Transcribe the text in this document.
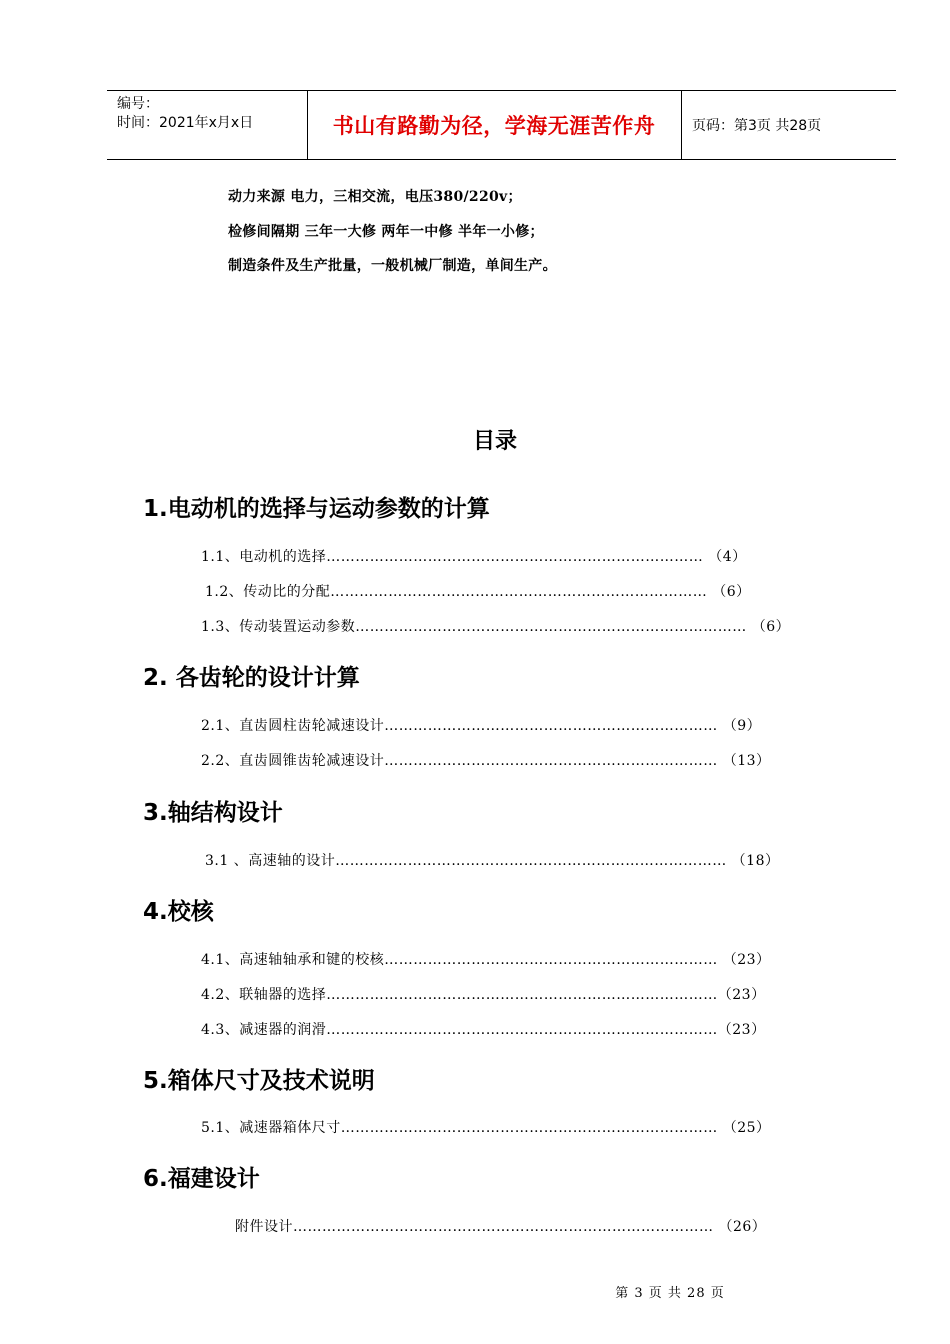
编号：
时间：2021年x月x日	书山有路勤为径，学海无涯苦作舟	页码：第3页 共28页
动力来源 电力，三相交流，电压380/220v；
检修间隔期 三年一大修 两年一中修 半年一小修；
制造条件及生产批量，一般机械厂制造，单间生产。
目录
1.电动机的选择与运动参数的计算
1.1、电动机的选择…………………………………………………………………… （4）
1.2、传动比的分配…………………………………………………………………… （6）
1.3、传动装置运动参数……………………………………………………………………… （6）
2. 各齿轮的设计计算
2.1、直齿圆柱齿轮减速设计…………………………………………………………… （9）
2.2、直齿圆锥齿轮减速设计…………………………………………………………… （13）
3.轴结构设计
3.1 、高速轴的设计……………………………………………………………………… （18）
4.校核
4.1、高速轴轴承和键的校核…………………………………………………………… （23）
4.2、联轴器的选择………………………………………………………………………（23）
4.3、减速器的润滑………………………………………………………………………（23）
5.箱体尺寸及技术说明
5.1、减速器箱体尺寸…………………………………………………………………… （25）
6.福建设计
附件设计…………………………………………………………………………… （26）
第 3 页 共 28 页
